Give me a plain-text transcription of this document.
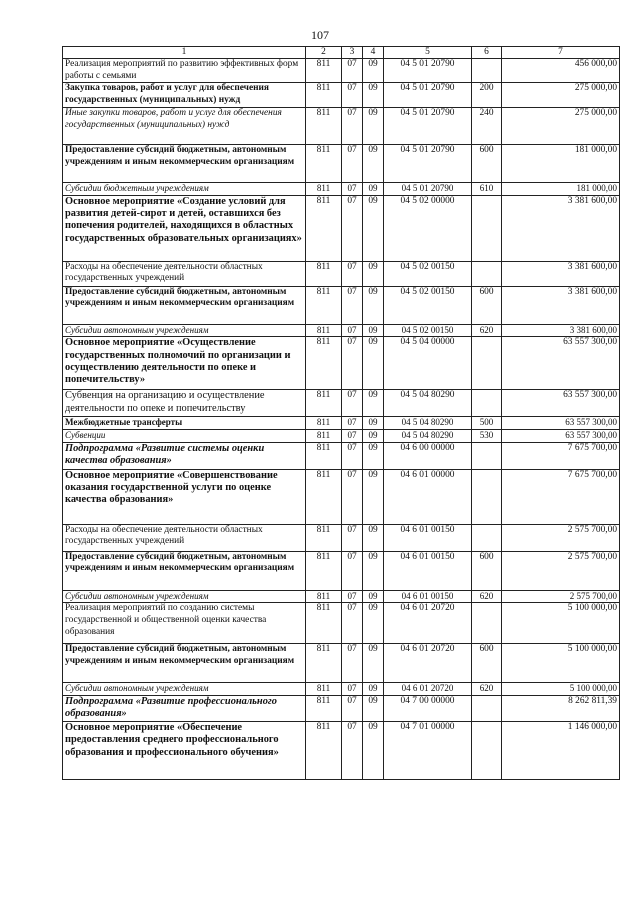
107
1	2	3	4	5	6	7
Реализация мероприятий по развитию эффективных форм работы с семьями	811	07	09	04 5 01 20790		456 000,00
Закупка товаров, работ и услуг для обеспечения государственных (муниципальных) нужд	811	07	09	04 5 01 20790	200	275 000,00
Иные закупки товаров, работ и услуг для обеспечения государственных (муниципальных) нужд	811	07	09	04 5 01 20790	240	275 000,00
Предоставление субсидий бюджетным, автономным учреждениям и иным некоммерческим организациям	811	07	09	04 5 01 20790	600	181 000,00
Субсидии бюджетным учреждениям	811	07	09	04 5 01 20790	610	181 000,00
Основное мероприятие «Создание условий для развития детей-сирот и детей, оставшихся без попечения родителей, находящихся в областных государственных образовательных организациях»	811	07	09	04 5 02 00000		3 381 600,00
Расходы на обеспечение деятельности областных государственных учреждений	811	07	09	04 5 02 00150		3 381 600,00
Предоставление субсидий бюджетным, автономным учреждениям и иным некоммерческим организациям	811	07	09	04 5 02 00150	600	3 381 600,00
Субсидии автономным учреждениям	811	07	09	04 5 02 00150	620	3 381 600,00
Основное мероприятие «Осуществление государственных полномочий по организации и осуществлению деятельности по опеке и попечительству»	811	07	09	04 5 04 00000		63 557 300,00
Субвенция на организацию и осуществление деятельности по опеке и попечительству	811	07	09	04 5 04 80290		63 557 300,00
Межбюджетные трансферты	811	07	09	04 5 04 80290	500	63 557 300,00
Субвенции	811	07	09	04 5 04 80290	530	63 557 300,00
Подпрограмма «Развитие системы оценки качества образования»	811	07	09	04 6 00 00000		7 675 700,00
Основное мероприятие «Совершенствование оказания государственной услуги по оценке качества образования»	811	07	09	04 6 01 00000		7 675 700,00
Расходы на обеспечение деятельности областных государственных учреждений	811	07	09	04 6 01 00150		2 575 700,00
Предоставление субсидий бюджетным, автономным учреждениям и иным некоммерческим организациям	811	07	09	04 6 01 00150	600	2 575 700,00
Субсидии автономным учреждениям	811	07	09	04 6 01 00150	620	2 575 700,00
Реализация мероприятий по созданию системы государственной и общественной оценки качества образования	811	07	09	04 6 01 20720		5 100 000,00
Предоставление субсидий бюджетным, автономным учреждениям и иным некоммерческим организациям	811	07	09	04 6 01 20720	600	5 100 000,00
Субсидии автономным учреждениям	811	07	09	04 6 01 20720	620	5 100 000,00
Подпрограмма «Развитие профессионального образования»	811	07	09	04 7 00 00000		8 262 811,39
Основное мероприятие «Обеспечение предоставления среднего профессионального образования и профессионального обучения»	811	07	09	04 7 01 00000		1 146 000,00
